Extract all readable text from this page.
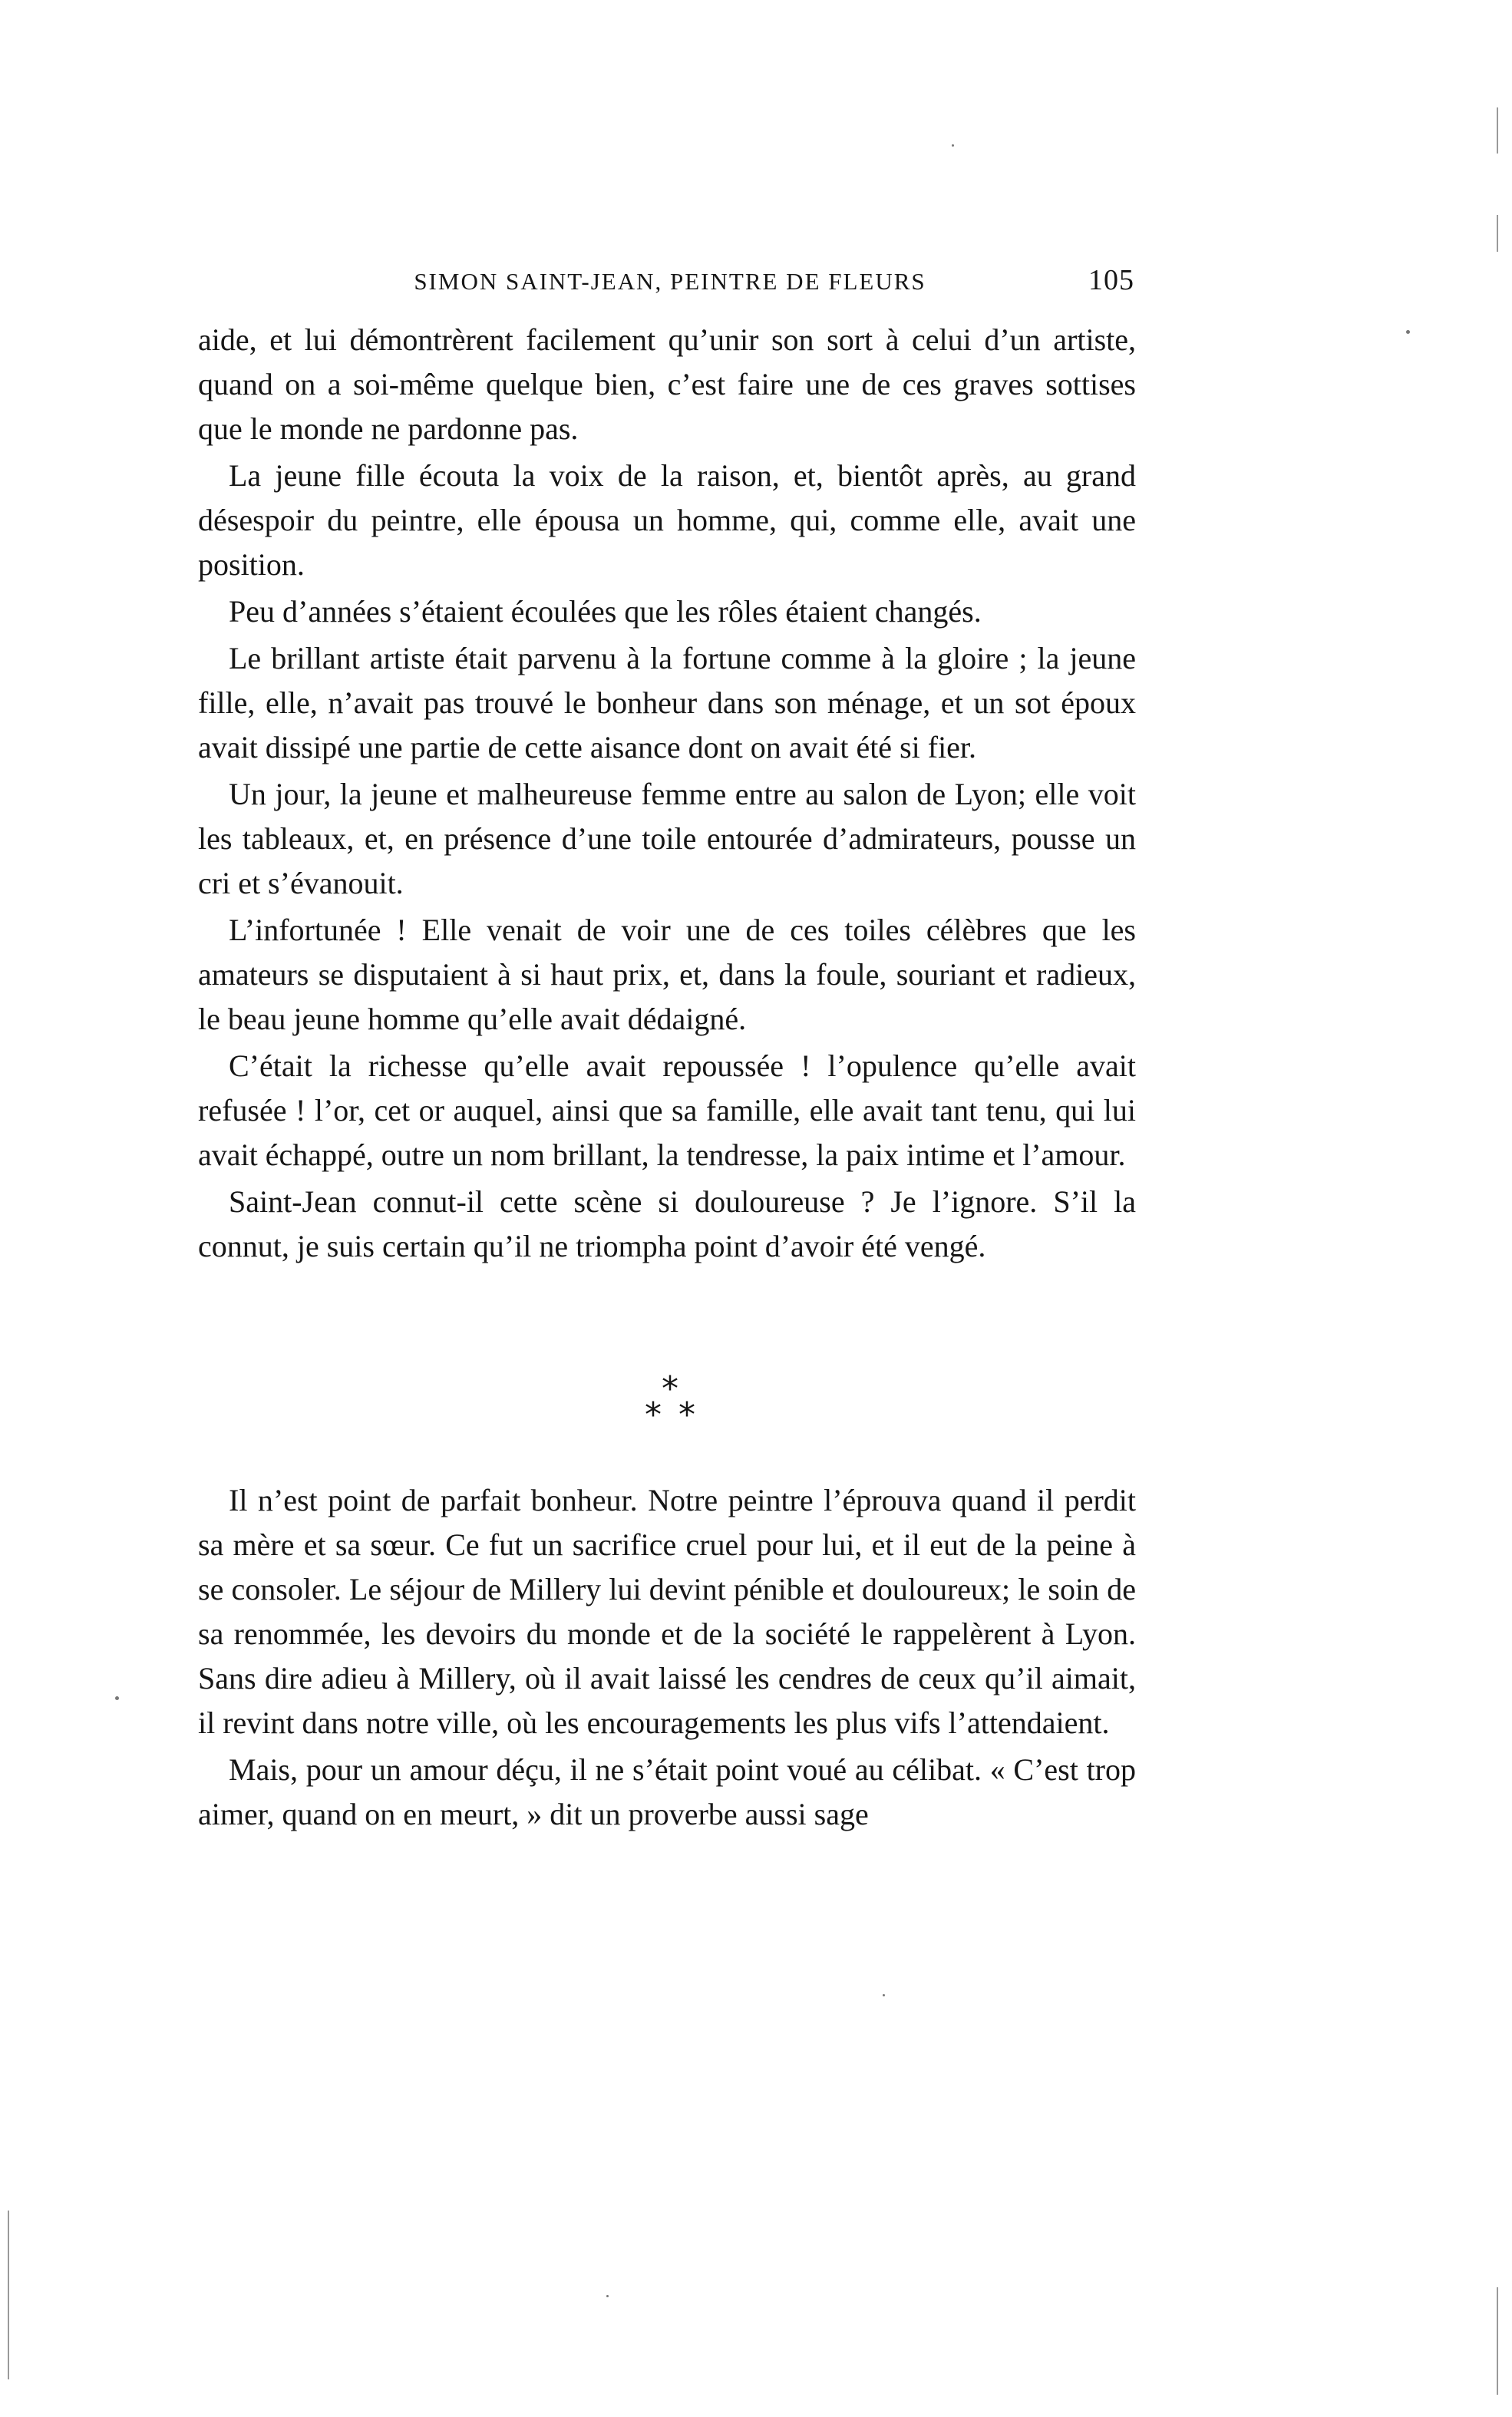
SIMON SAINT-JEAN, PEINTRE DE FLEURS	105

aide, et lui démontrèrent facilement qu’unir son sort à celui d’un artiste, quand on a soi-même quelque bien, c’est faire une de ces graves sottises que le monde ne pardonne pas.

La jeune fille écouta la voix de la raison, et, bientôt après, au grand désespoir du peintre, elle épousa un homme, qui, comme elle, avait une position.

Peu d’années s’étaient écoulées que les rôles étaient changés.

Le brillant artiste était parvenu à la fortune comme à la gloire ; la jeune fille, elle, n’avait pas trouvé le bonheur dans son ménage, et un sot époux avait dissipé une partie de cette aisance dont on avait été si fier.

Un jour, la jeune et malheureuse femme entre au salon de Lyon; elle voit les tableaux, et, en présence d’une toile entourée d’admirateurs, pousse un cri et s’évanouit.

L’infortunée ! Elle venait de voir une de ces toiles célèbres que les amateurs se disputaient à si haut prix, et, dans la foule, souriant et radieux, le beau jeune homme qu’elle avait dédaigné.

C’était la richesse qu’elle avait repoussée ! l’opulence qu’elle avait refusée ! l’or, cet or auquel, ainsi que sa famille, elle avait tant tenu, qui lui avait échappé, outre un nom brillant, la tendresse, la paix intime et l’amour.

Saint-Jean connut-il cette scène si douloureuse ? Je l’ignore. S’il la connut, je suis certain qu’il ne triompha point d’avoir été vengé.

*
* *

Il n’est point de parfait bonheur. Notre peintre l’éprouva quand il perdit sa mère et sa sœur. Ce fut un sacrifice cruel pour lui, et il eut de la peine à se consoler. Le séjour de Millery lui devint pénible et douloureux; le soin de sa renommée, les devoirs du monde et de la société le rappelèrent à Lyon. Sans dire adieu à Millery, où il avait laissé les cendres de ceux qu’il aimait, il revint dans notre ville, où les encouragements les plus vifs l’attendaient.

Mais, pour un amour déçu, il ne s’était point voué au célibat. « C’est trop aimer, quand on en meurt, » dit un proverbe aussi sage
